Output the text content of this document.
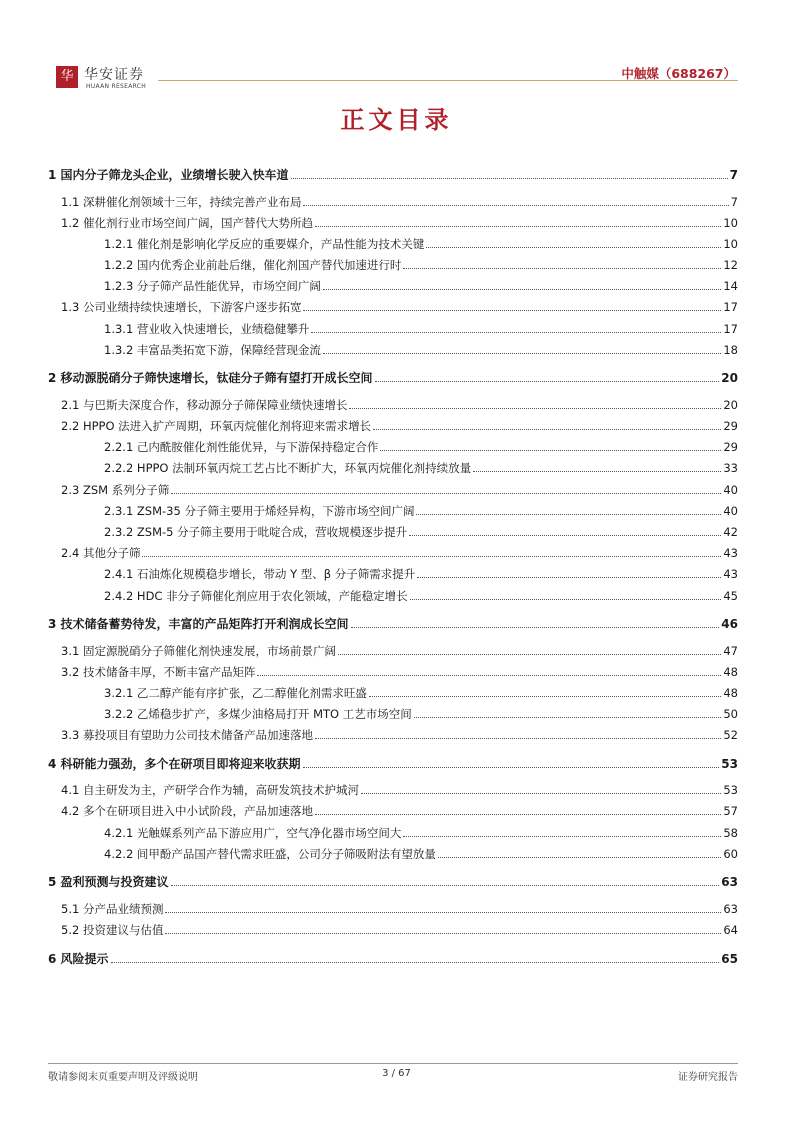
华 华安证券
HUAAN RESEARCH
中触媒（688267）
正文目录
1 国内分子筛龙头企业，业绩增长驶入快车道	7
1.1 深耕催化剂领域十三年，持续完善产业布局	7
1.2 催化剂行业市场空间广阔，国产替代大势所趋	10
1.2.1 催化剂是影响化学反应的重要媒介，产品性能为技术关键	10
1.2.2 国内优秀企业前赴后继，催化剂国产替代加速进行时	12
1.2.3 分子筛产品性能优异，市场空间广阔	14
1.3 公司业绩持续快速增长，下游客户逐步拓宽	17
1.3.1 营业收入快速增长，业绩稳健攀升	17
1.3.2 丰富品类拓宽下游，保障经营现金流	18
2 移动源脱硝分子筛快速增长，钛硅分子筛有望打开成长空间	20
2.1 与巴斯夫深度合作，移动源分子筛保障业绩快速增长	20
2.2 HPPO 法进入扩产周期，环氧丙烷催化剂将迎来需求增长	29
2.2.1 己内酰胺催化剂性能优异，与下游保持稳定合作	29
2.2.2 HPPO 法制环氧丙烷工艺占比不断扩大，环氧丙烷催化剂持续放量	33
2.3 ZSM 系列分子筛	40
2.3.1 ZSM-35 分子筛主要用于烯烃异构，下游市场空间广阔	40
2.3.2 ZSM-5 分子筛主要用于吡啶合成，营收规模逐步提升	42
2.4 其他分子筛	43
2.4.1 石油炼化规模稳步增长，带动 Y 型、β 分子筛需求提升	43
2.4.2 HDC 非分子筛催化剂应用于农化领域，产能稳定增长	45
3 技术储备蓄势待发，丰富的产品矩阵打开利润成长空间	46
3.1 固定源脱硝分子筛催化剂快速发展，市场前景广阔	47
3.2 技术储备丰厚，不断丰富产品矩阵	48
3.2.1 乙二醇产能有序扩张，乙二醇催化剂需求旺盛	48
3.2.2 乙烯稳步扩产，多煤少油格局打开 MTO 工艺市场空间	50
3.3 募投项目有望助力公司技术储备产品加速落地	52
4 科研能力强劲，多个在研项目即将迎来收获期	53
4.1 自主研发为主，产研学合作为辅，高研发筑技术护城河	53
4.2 多个在研项目进入中小试阶段，产品加速落地	57
4.2.1 光触媒系列产品下游应用广，空气净化器市场空间大	58
4.2.2 间甲酚产品国产替代需求旺盛，公司分子筛吸附法有望放量	60
5 盈利预测与投资建议	63
5.1 分产品业绩预测	63
5.2 投资建议与估值	64
6 风险提示	65
敬请参阅末页重要声明及评级说明	3 / 67	证券研究报告
